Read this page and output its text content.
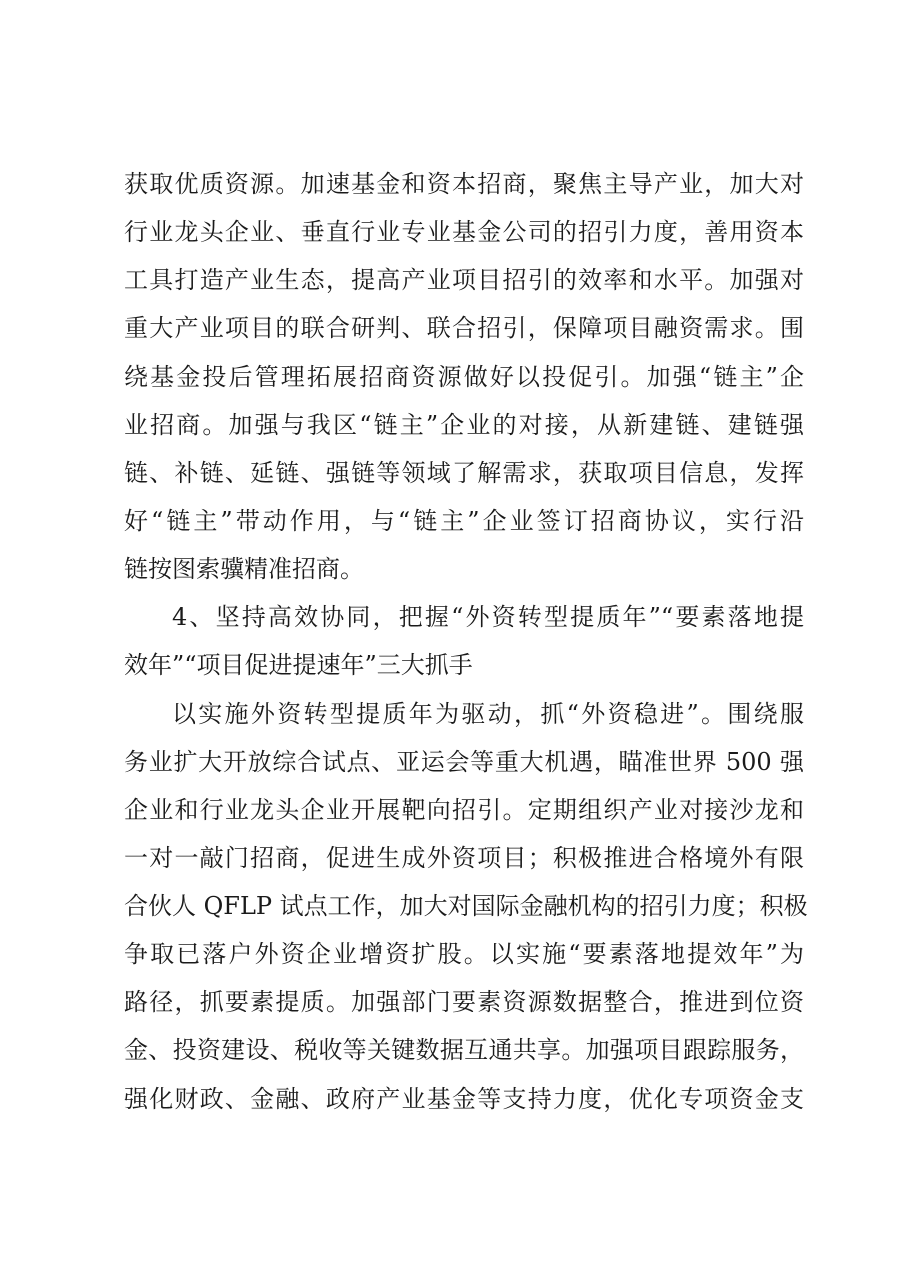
获取优质资源。加速基金和资本招商，聚焦主导产业，加大对
行业龙头企业、垂直行业专业基金公司的招引力度，善用资本
工具打造产业生态，提高产业项目招引的效率和水平。加强对
重大产业项目的联合研判、联合招引，保障项目融资需求。围
绕基金投后管理拓展招商资源做好以投促引。加强“链主”企
业招商。加强与我区“链主”企业的对接，从新建链、建链强
链、补链、延链、强链等领域了解需求，获取项目信息，发挥
好“链主”带动作用，与“链主”企业签订招商协议，实行沿
链按图索骥精准招商。
4、坚持高效协同，把握“外资转型提质年”“要素落地提
效年”“项目促进提速年”三大抓手
以实施外资转型提质年为驱动，抓“外资稳进”。围绕服
务业扩大开放综合试点、亚运会等重大机遇，瞄准世界 500 强
企业和行业龙头企业开展靶向招引。定期组织产业对接沙龙和
一对一敲门招商，促进生成外资项目；积极推进合格境外有限
合伙人 QFLP 试点工作，加大对国际金融机构的招引力度；积极
争取已落户外资企业增资扩股。以实施“要素落地提效年”为
路径，抓要素提质。加强部门要素资源数据整合，推进到位资
金、投资建设、税收等关键数据互通共享。加强项目跟踪服务，
强化财政、金融、政府产业基金等支持力度，优化专项资金支
